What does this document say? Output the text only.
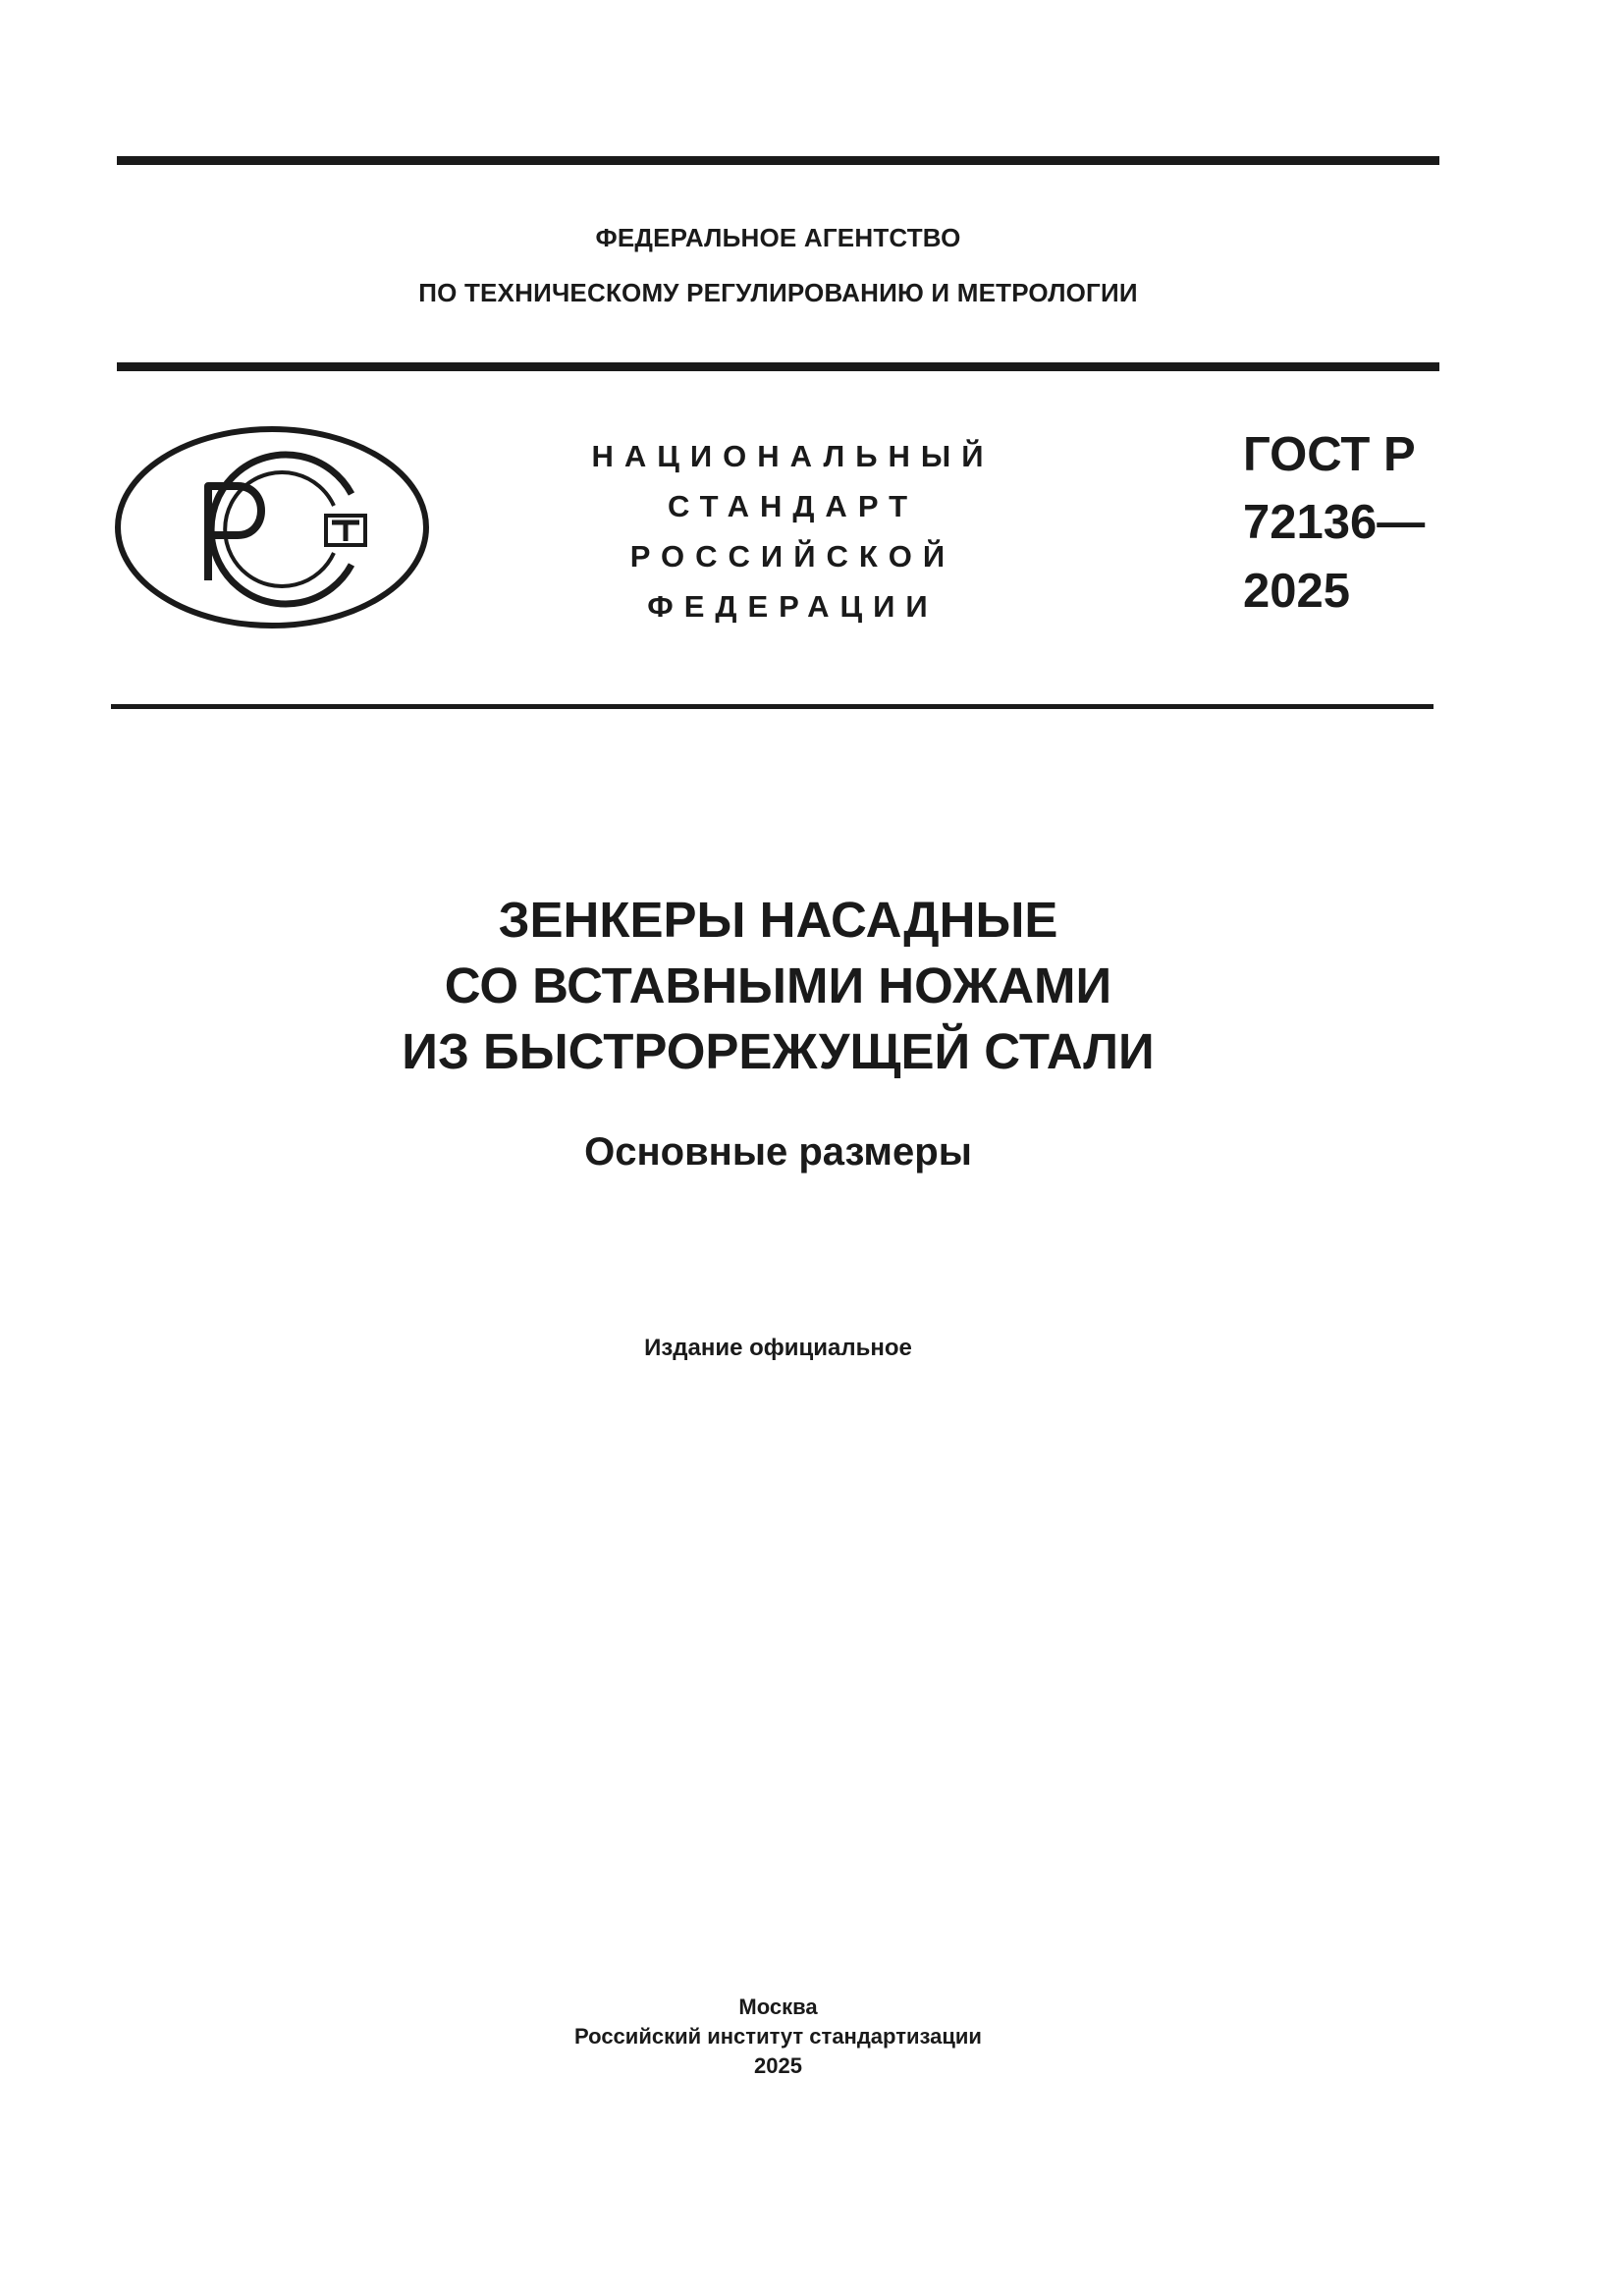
ФЕДЕРАЛЬНОЕ АГЕНТСТВО
ПО ТЕХНИЧЕСКОМУ РЕГУЛИРОВАНИЮ И МЕТРОЛОГИИ
НАЦИОНАЛЬНЫЙ
СТАНДАРТ
РОССИЙСКОЙ
ФЕДЕРАЦИИ
ГОСТ Р
72136—
2025
ЗЕНКЕРЫ НАСАДНЫЕ
СО ВСТАВНЫМИ НОЖАМИ
ИЗ БЫСТРОРЕЖУЩЕЙ СТАЛИ
Основные размеры
Издание официальное
Москва
Российский институт стандартизации
2025
